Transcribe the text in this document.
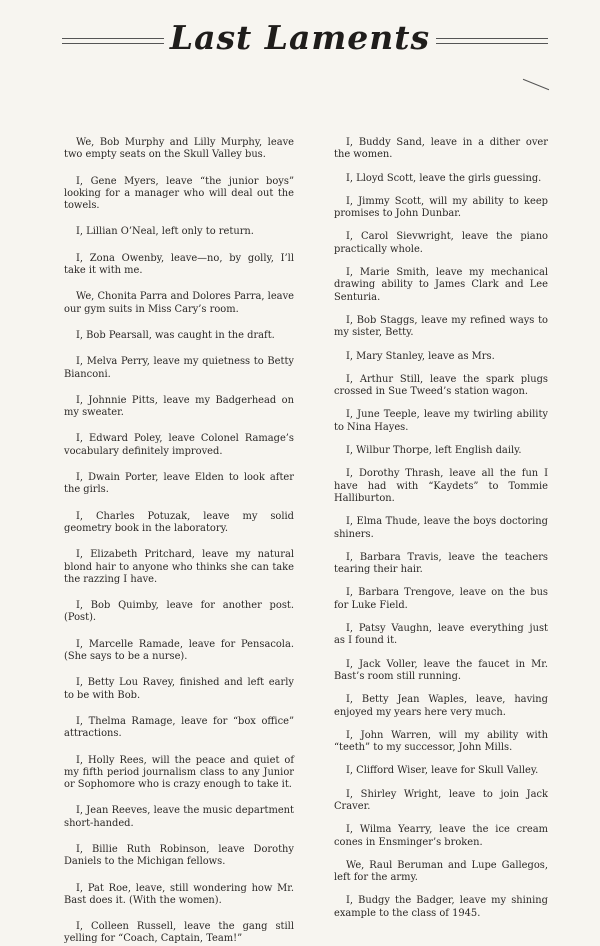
Last Laments

We, Bob Murphy and Lilly Murphy, leave two empty seats on the Skull Valley bus.

I, Gene Myers, leave “the junior boys” looking for a manager who will deal out the towels.

I, Lillian O’Neal, left only to return.

I, Zona Owenby, leave—no, by golly, I’ll take it with me.

We, Chonita Parra and Dolores Parra, leave our gym suits in Miss Cary’s room.

I, Bob Pearsall, was caught in the draft.

I, Melva Perry, leave my quietness to Betty Bianconi.

I, Johnnie Pitts, leave my Badgerhead on my sweater.

I, Edward Poley, leave Colonel Ramage’s vocabulary definitely improved.

I, Dwain Porter, leave Elden to look after the girls.

I, Charles Potuzak, leave my solid geometry book in the laboratory.

I, Elizabeth Pritchard, leave my natural blond hair to anyone who thinks she can take the razzing I have.

I, Bob Quimby, leave for another post. (Post).

I, Marcelle Ramade, leave for Pensacola. (She says to be a nurse).

I, Betty Lou Ravey, finished and left early to be with Bob.

I, Thelma Ramage, leave for “box office” attractions.

I, Holly Rees, will the peace and quiet of my fifth period journalism class to any Junior or Sophomore who is crazy enough to take it.

I, Jean Reeves, leave the music department short-handed.

I, Billie Ruth Robinson, leave Dorothy Daniels to the Michigan fellows.

I, Pat Roe, leave, still wondering how Mr. Bast does it. (With the women).

I, Colleen Russell, leave the gang still yelling for “Coach, Captain, Team!”

I, Buddy Sand, leave in a dither over the women.

I, Lloyd Scott, leave the girls guessing.

I, Jimmy Scott, will my ability to keep promises to John Dunbar.

I, Carol Sievwright, leave the piano practically whole.

I, Marie Smith, leave my mechanical drawing ability to James Clark and Lee Senturia.

I, Bob Staggs, leave my refined ways to my sister, Betty.

I, Mary Stanley, leave as Mrs.

I, Arthur Still, leave the spark plugs crossed in Sue Tweed’s station wagon.

I, June Teeple, leave my twirling ability to Nina Hayes.

I, Wilbur Thorpe, left English daily.

I, Dorothy Thrash, leave all the fun I have had with “Kaydets” to Tommie Halliburton.

I, Elma Thude, leave the boys doctoring shiners.

I, Barbara Travis, leave the teachers tearing their hair.

I, Barbara Trengove, leave on the bus for Luke Field.

I, Patsy Vaughn, leave everything just as I found it.

I, Jack Voller, leave the faucet in Mr. Bast’s room still running.

I, Betty Jean Waples, leave, having enjoyed my years here very much.

I, John Warren, will my ability with “teeth” to my successor, John Mills.

I, Clifford Wiser, leave for Skull Valley.

I, Shirley Wright, leave to join Jack Craver.

I, Wilma Yearry, leave the ice cream cones in Ensminger’s broken.

We, Raul Beruman and Lupe Gallegos, left for the army.

I, Budgy the Badger, leave my shining example to the class of 1945.
